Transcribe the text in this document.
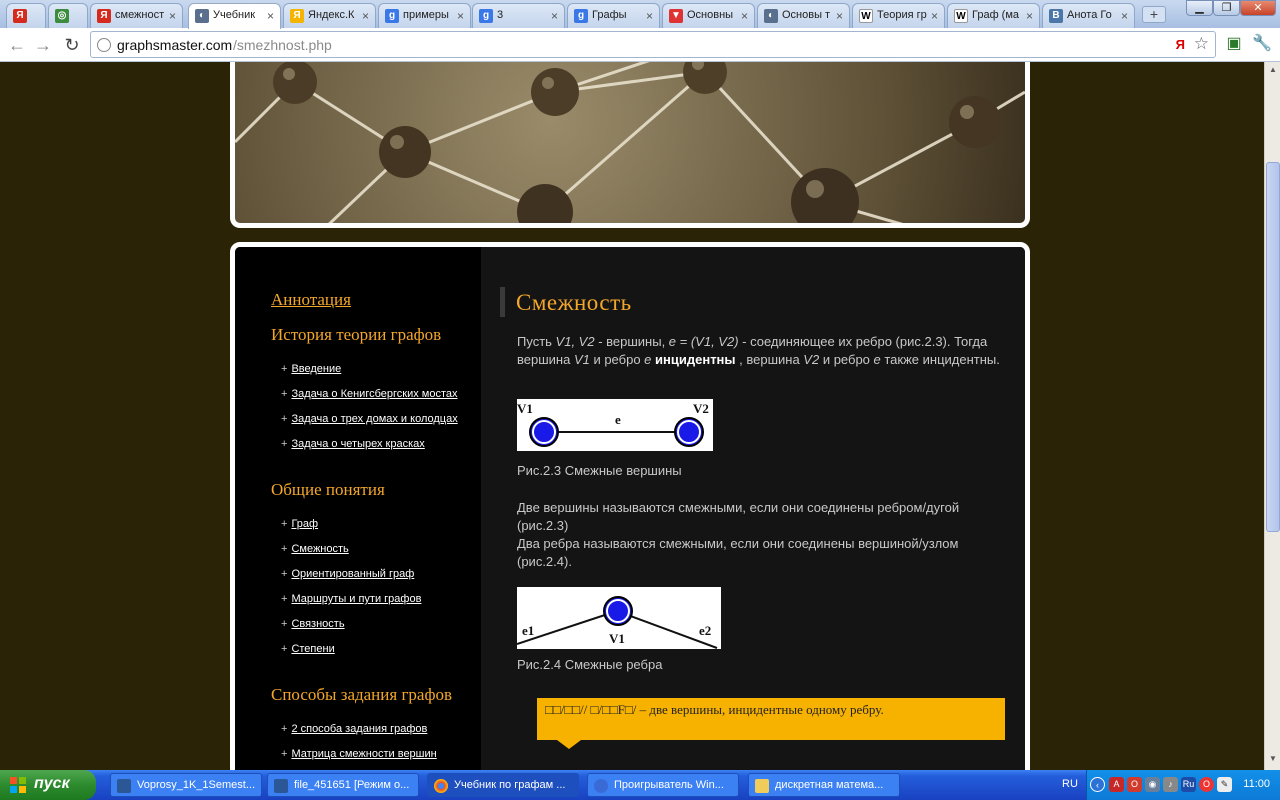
Я	◎	Я смежност ×	◐ Учебник ×	Я Яндекс.К ×	g примеры ×	g 3	×	g Графы	× ▼ Основны ×	◐ Основы т × W Теория гр × W Граф (ма ×	B Анота Го ×	+	▁	❐	✕
← → ↻	graphsmaster.com /smezhnost.php	Я ☆ ▣ 🔧
Аннотация
История теории графов
+ Введение
+ Задача о Кенигсбергских мостах
+ Задача о трех домах и колодцах
+ Задача о четырех красках
Общие понятия
+ Граф
+ Смежность
+ Ориентированный граф
+ Маршруты и пути графов
+ Связность
+ Степени
Способы задания графов
+ 2 способа задания графов
+ Матрица смежности вершин
Смежность
Пусть V1, V2 - вершины, e = (V1, V2) - соединяющее их ребро (рис.2.3). Тогда вершина V1 и ребро e инцидентны , вершина V2 и ребро e также инцидентны.
V1	V2
e
Рис.2.3 Смежные вершины
Две вершины называются смежными, если они соединены ребром/дугой (рис.2.3)
Два ребра называются смежными, если они соединены вершиной/узлом (рис.2.4).
e1	e2
V1
Рис.2.4 Смежные ребра
□□/□□// □/□□F□/ – две вершины, инцидентные одному ребру.
▲
▼
пуск	Voprosy_1K_1Semest...	file_451651 [Режим о...	Учебник по графам ...	Проигрыватель Win...	дискретная матема...	RU	‹	A	O	◉	♪	Ru O	✎	11:00
